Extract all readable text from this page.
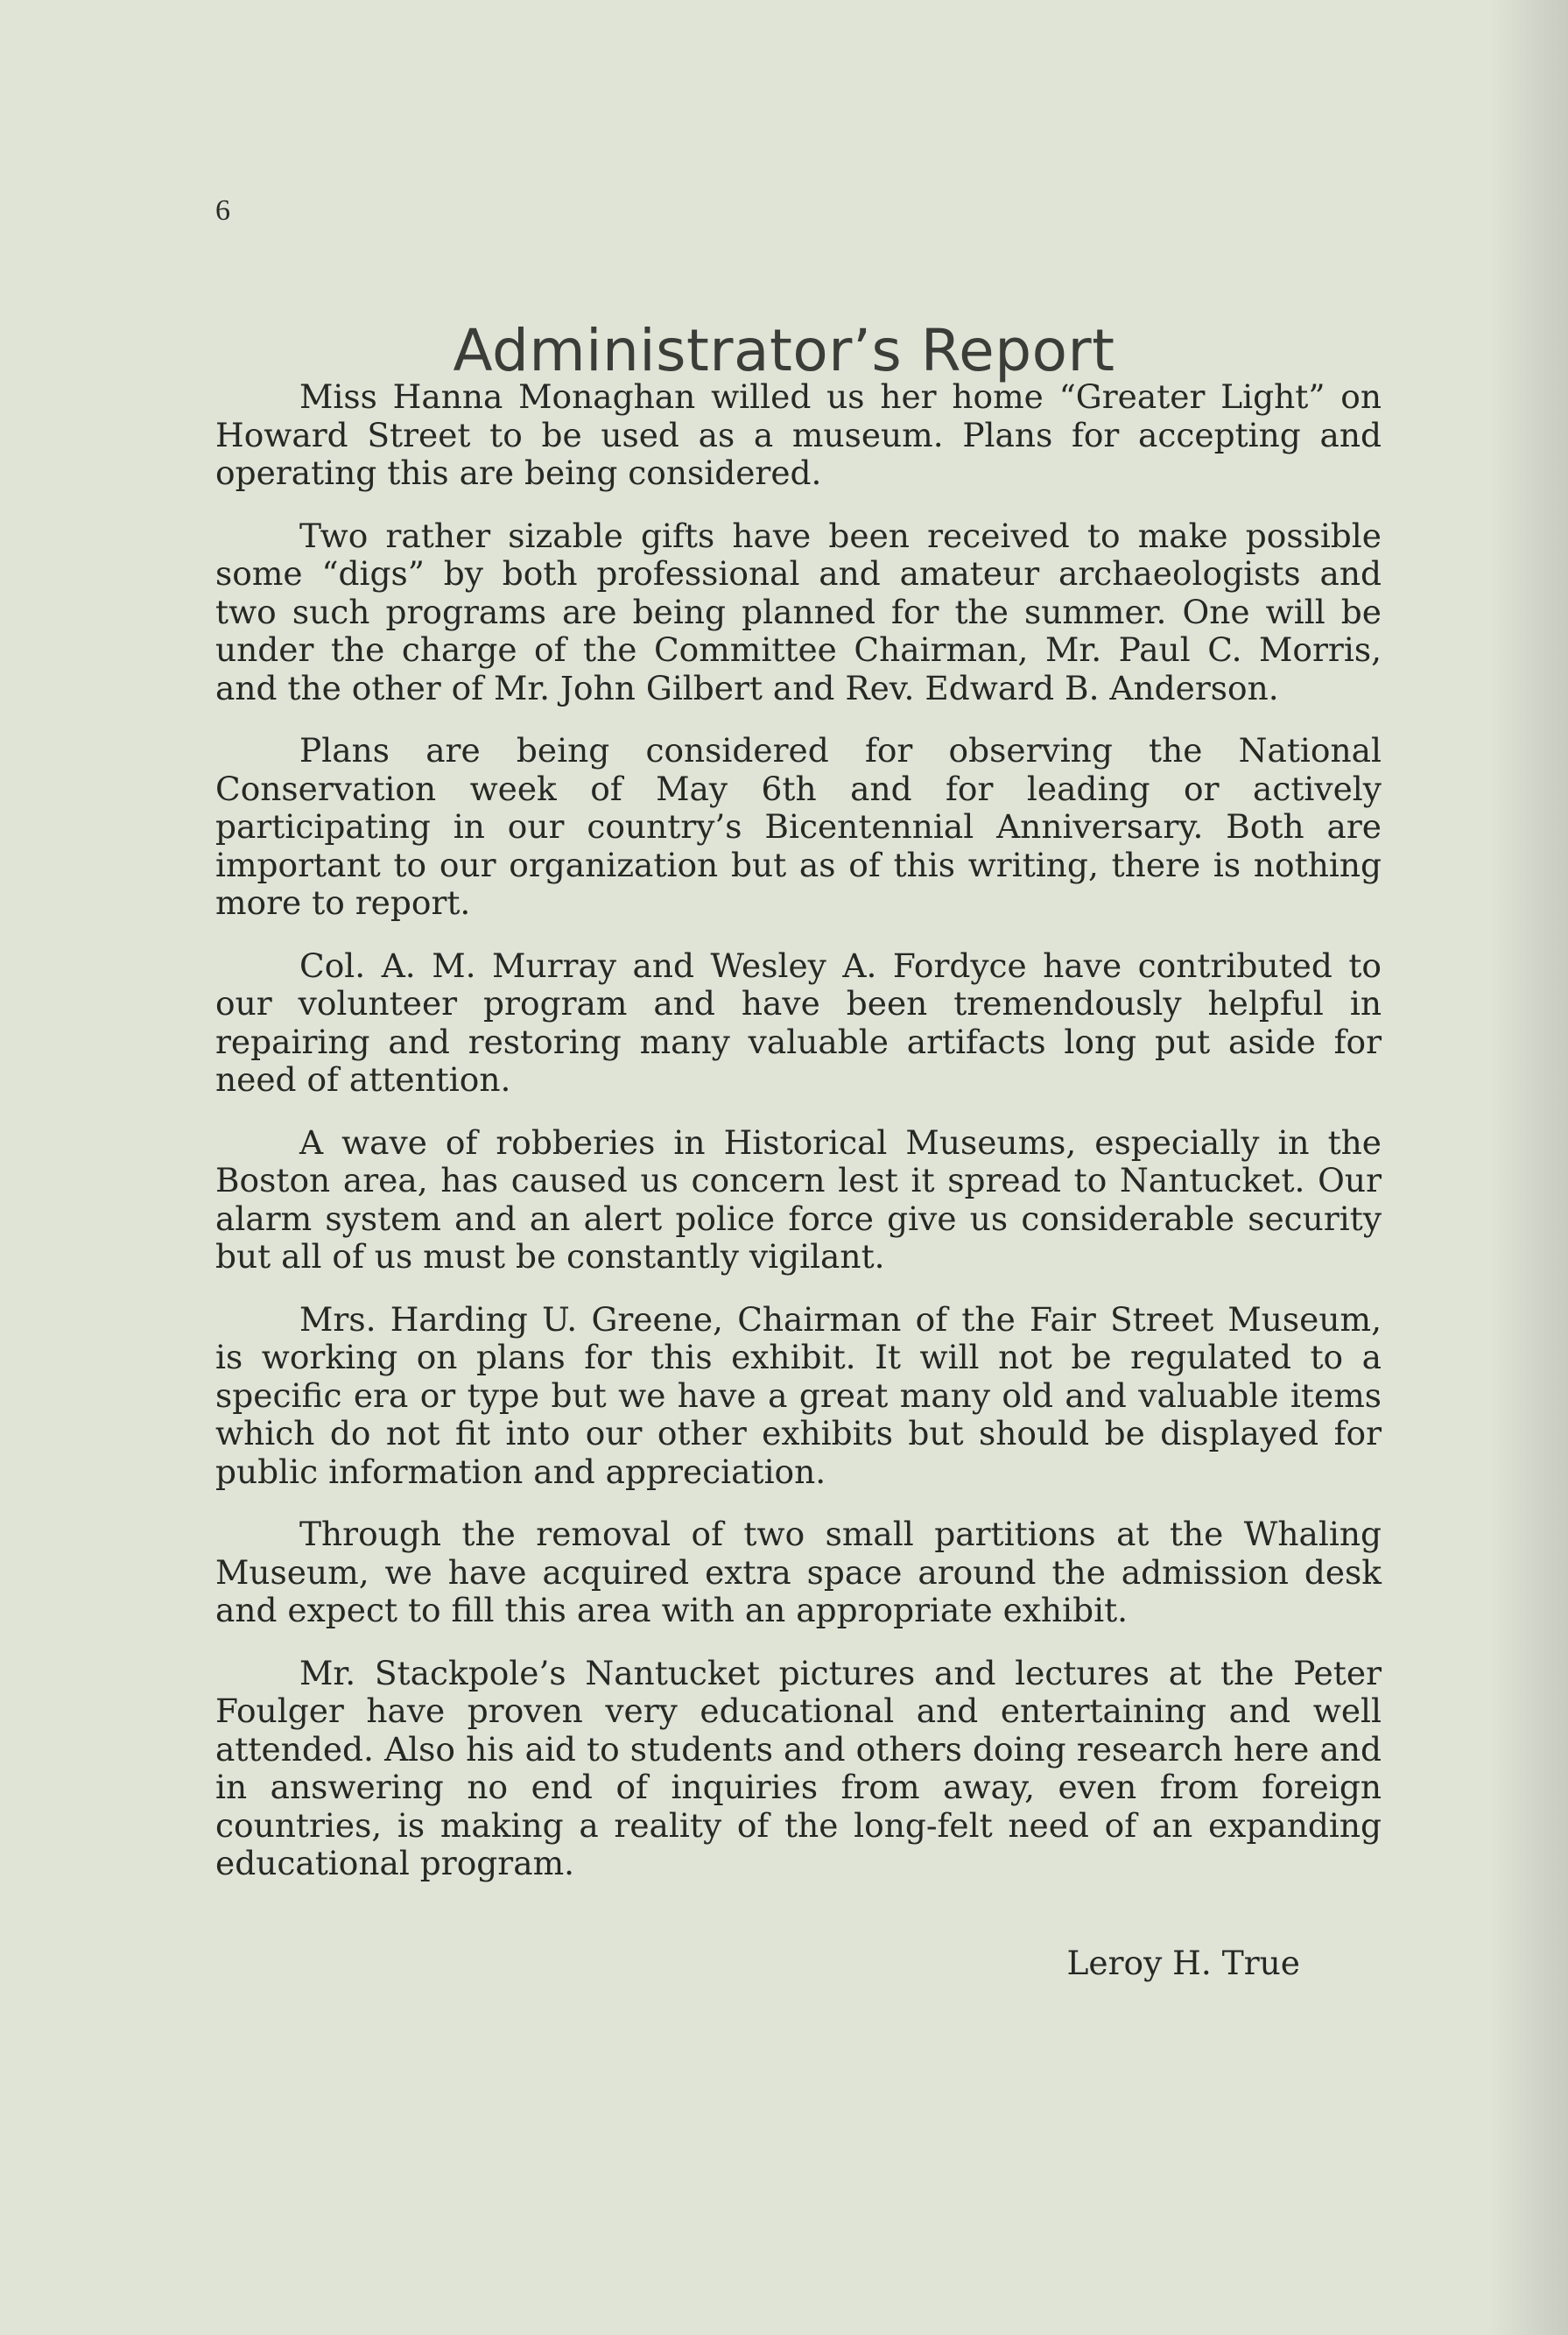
6
Administrator’s Report

Miss Hanna Monaghan willed us her home “Greater Light” on Howard Street to be used as a museum. Plans for accepting and operating this are being considered.

Two rather sizable gifts have been received to make possible some “digs” by both professional and amateur archaeologists and two such programs are being planned for the summer. One will be under the charge of the Committee Chairman, Mr. Paul C. Morris, and the other of Mr. John Gilbert and Rev. Edward B. Anderson.

Plans are being considered for observing the National Conservation week of May 6th and for leading or actively participating in our country’s Bicentennial Anniversary. Both are important to our organization but as of this writing, there is nothing more to report.

Col. A. M. Murray and Wesley A. Fordyce have contributed to our volunteer program and have been tremendously helpful in repairing and restoring many valuable artifacts long put aside for need of attention.

A wave of robberies in Historical Museums, especially in the Boston area, has caused us concern lest it spread to Nantucket. Our alarm system and an alert police force give us considerable security but all of us must be constantly vigilant.

Mrs. Harding U. Greene, Chairman of the Fair Street Museum, is working on plans for this exhibit. It will not be regulated to a specific era or type but we have a great many old and valuable items which do not fit into our other exhibits but should be displayed for public information and appreciation.

Through the removal of two small partitions at the Whaling Museum, we have acquired extra space around the admission desk and expect to fill this area with an appropriate exhibit.

Mr. Stackpole’s Nantucket pictures and lectures at the Peter Foulger have proven very educational and entertaining and well attended. Also his aid to students and others doing research here and in answering no end of inquiries from away, even from foreign countries, is making a reality of the long-felt need of an expanding educational program.

Leroy H. True
